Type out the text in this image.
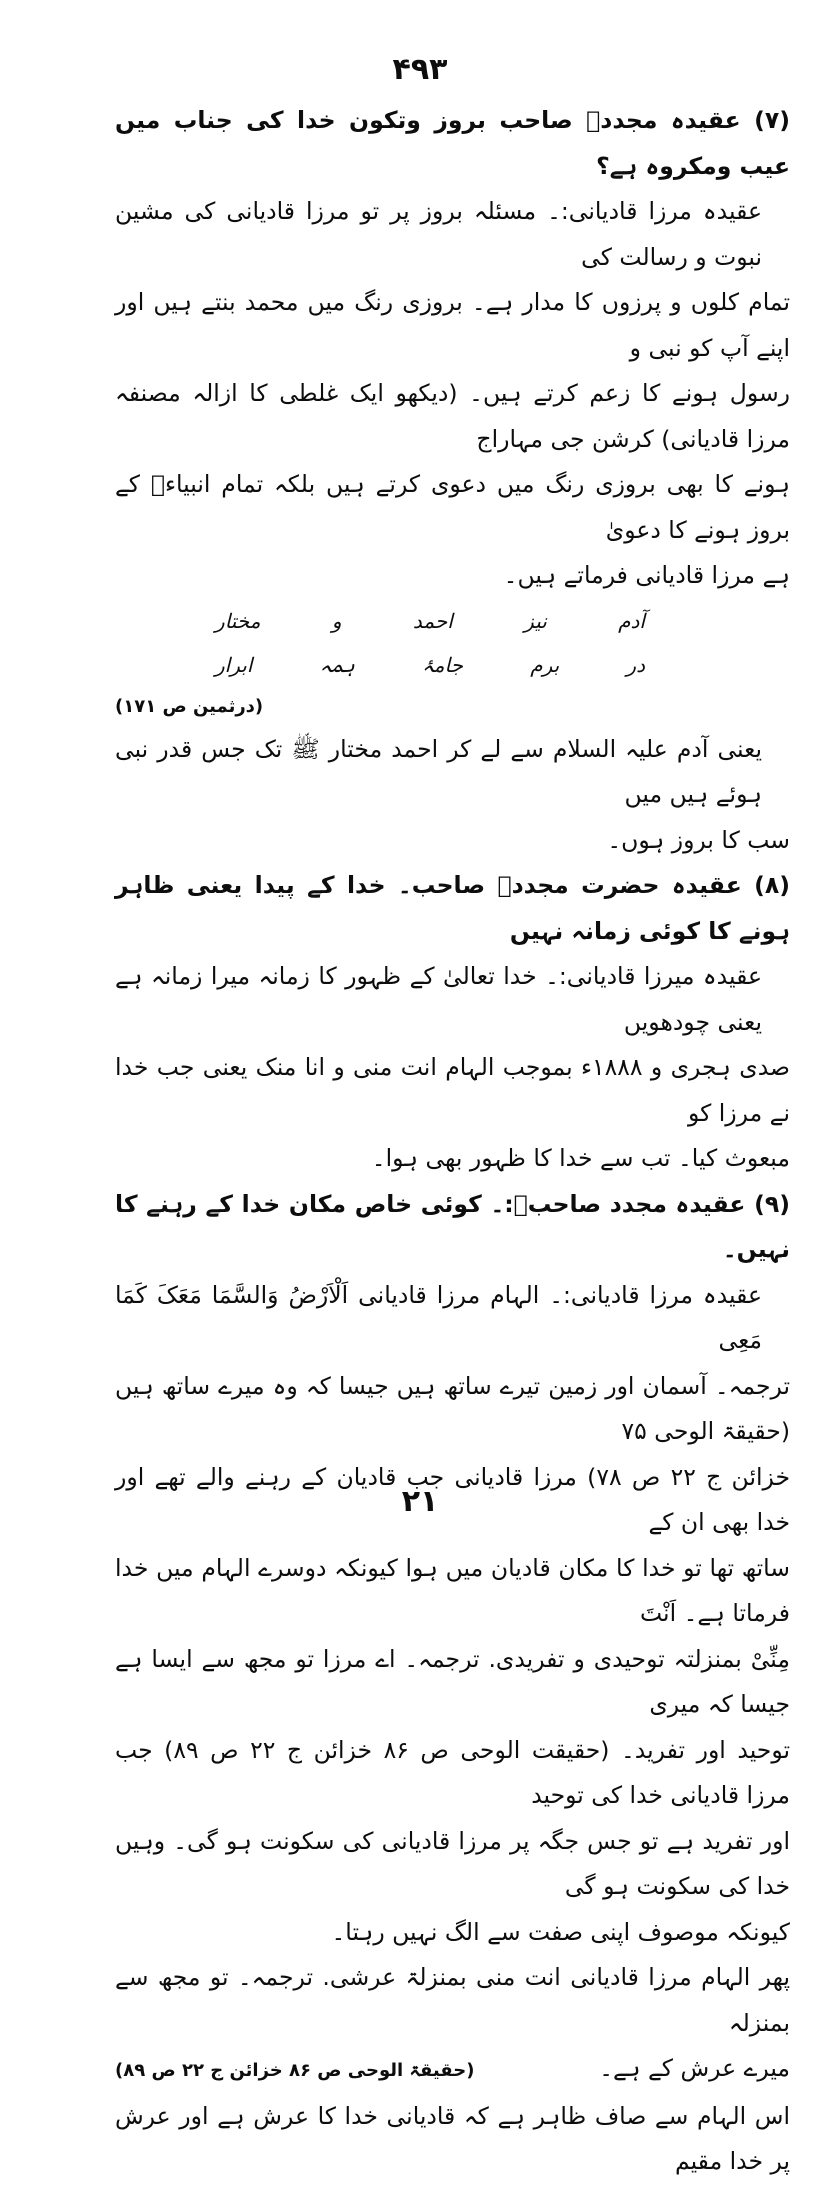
۴۹۳

(۷) عقیدہ مجددؒ صاحب بروز وتکون خدا کی جناب میں عیب ومکروہ ہے؟

عقیدہ مرزا قادیانی:۔ مسئلہ بروز پر تو مرزا قادیانی کی مشین نبوت و رسالت کی

تمام کلوں و پرزوں کا مدار ہے۔ بروزی رنگ میں محمد بنتے ہیں اور اپنے آپ کو نبی و

رسول ہونے کا زعم کرتے ہیں۔ (دیکھو ایک غلطی کا ازالہ مصنفہ مرزا قادیانی) کرشن جی مہاراج

ہونے کا بھی بروزی رنگ میں دعوی کرتے ہیں بلکہ تمام انبیاءؑ کے بروز ہونے کا دعویٰ

ہے مرزا قادیانی فرماتے ہیں۔

آدم
نیز
احمد
و
مختار
در
برم
جامۂ
ہمہ
ابرار

(درثمین ص ۱۷۱)

یعنی آدم علیہ السلام سے لے کر احمد مختار ﷺ تک جس قدر نبی ہوئے ہیں میں

سب کا بروز ہوں۔

(۸) عقیدہ حضرت مجددؒ صاحب۔ خدا کے پیدا یعنی ظاہر ہونے کا کوئی زمانہ نہیں

عقیدہ میرزا قادیانی:۔ خدا تعالیٰ کے ظہور کا زمانہ میرا زمانہ ہے یعنی چودھویں

صدی ہجری و ۱۸۸۸ء بموجب الہام انت منی و انا منک یعنی جب خدا نے مرزا کو

مبعوث کیا۔ تب سے خدا کا ظہور بھی ہوا۔

(۹) عقیدہ مجدد صاحبؒ:۔ کوئی خاص مکان خدا کے رہنے کا نہیں۔

عقیدہ مرزا قادیانی:۔ الہام مرزا قادیانی اَلْاَرْضُ وَالسَّمَا مَعَکَ کَمَا مَعِی

ترجمہ۔ آسمان اور زمین تیرے ساتھ ہیں جیسا کہ وہ میرے ساتھ ہیں (حقیقۃ الوحی ۷۵

خزائن ج ۲۲ ص ۷۸) مرزا قادیانی جب قادیان کے رہنے والے تھے اور خدا بھی ان کے

ساتھ تھا تو خدا کا مکان قادیان میں ہوا کیونکہ دوسرے الہام میں خدا فرماتا ہے۔ اَنْتَ

مِنِّیْ بمنزلتہ توحیدی و تفریدی. ترجمہ۔ اے مرزا تو مجھ سے ایسا ہے جیسا کہ میری

توحید اور تفرید۔ (حقیقت الوحی ص ۸۶ خزائن ج ۲۲ ص ۸۹) جب مرزا قادیانی خدا کی توحید

اور تفرید ہے تو جس جگہ پر مرزا قادیانی کی سکونت ہو گی۔ وہیں خدا کی سکونت ہو گی

کیونکہ موصوف اپنی صفت سے الگ نہیں رہتا۔

پھر الہام مرزا قادیانی انت منی بمنزلۃ عرشی. ترجمہ۔ تو مجھ سے بمنزلہ

میرے عرش کے ہے۔
(حقیقۃ الوحی ص ۸۶ خزائن ج ۲۲ ص ۸۹)

اس الہام سے صاف ظاہر ہے کہ قادیانی خدا کا عرش ہے اور عرش پر خدا مقیم

۲۱
